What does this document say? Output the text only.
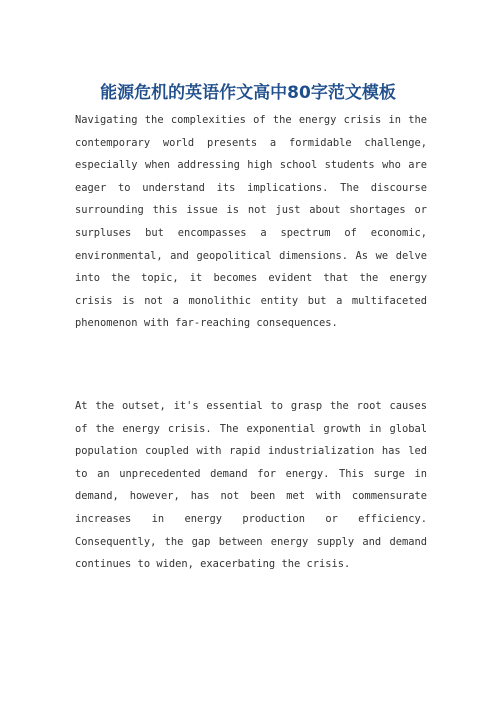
能源危机的英语作文高中80字范文模板

Navigating the complexities of the energy crisis in the contemporary world presents a formidable challenge, especially when addressing high school students who are eager to understand its implications. The discourse surrounding this issue is not just about shortages or surpluses but encompasses a spectrum of economic, environmental, and geopolitical dimensions. As we delve into the topic, it becomes evident that the energy crisis is not a monolithic entity but a multifaceted phenomenon with far-reaching consequences.

At the outset, it's essential to grasp the root causes of the energy crisis. The exponential growth in global population coupled with rapid industrialization has led to an unprecedented demand for energy. This surge in demand, however, has not been met with commensurate increases in energy production or efficiency. Consequently, the gap between energy supply and demand continues to widen, exacerbating the crisis.
